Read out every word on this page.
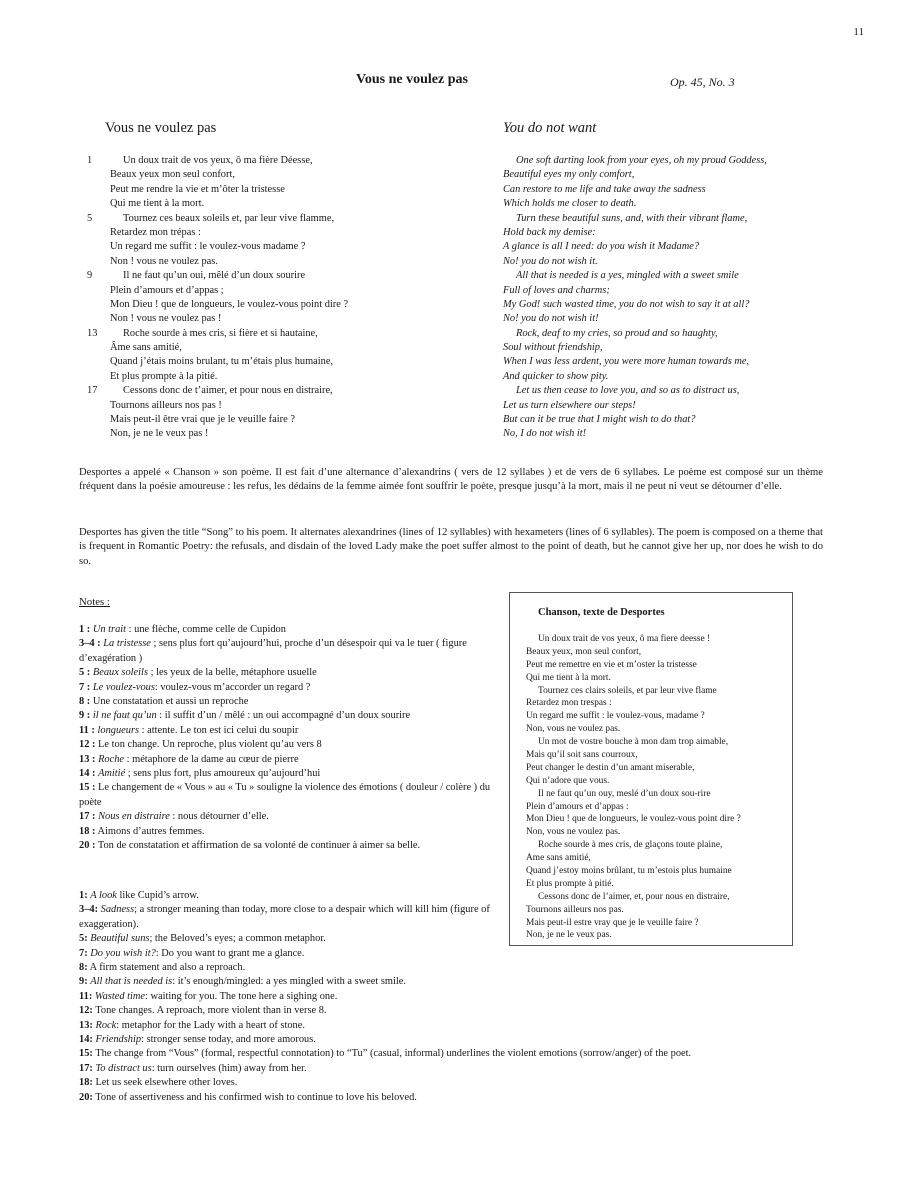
11
Vous ne voulez pas	Op. 45, No. 3
Vous ne voulez pas	You do not want
1
5
9
13
17
Un doux trait de vos yeux, ô ma fière Déesse,
Beaux yeux mon seul confort,
Peut me rendre la vie et m’ôter la tristesse
Qui me tient à la mort.
Tournez ces beaux soleils et, par leur vive flamme,
Retardez mon trépas :
Un regard me suffit : le voulez-vous madame ?
Non ! vous ne voulez pas.
Il ne faut qu’un oui, mêlé d’un doux sourire
Plein d’amours et d’appas ;
Mon Dieu ! que de longueurs, le voulez-vous point dire ?
Non ! vous ne voulez pas !
Roche sourde à mes cris, si fière et si hautaine,
Âme sans amitié,
Quand j’étais moins brulant, tu m’étais plus humaine,
Et plus prompte à la pitié.
Cessons donc de t’aimer, et pour nous en distraire,
Tournons ailleurs nos pas !
Mais peut-il être vrai que je le veuille faire ?
Non, je ne le veux pas !
One soft darting look from your eyes, oh my proud Goddess,
Beautiful eyes my only comfort,
Can restore to me life and take away the sadness
Which holds me closer to death.
Turn these beautiful suns, and, with their vibrant flame,
Hold back my demise:
A glance is all I need: do you wish it Madame?
No! you do not wish it.
All that is needed is a yes, mingled with a sweet smile
Full of loves and charms;
My God! such wasted time, you do not wish to say it at all?
No! you do not wish it!
Rock, deaf to my cries, so proud and so haughty,
Soul without friendship,
When I was less ardent, you were more human towards me,
And quicker to show pity.
Let us then cease to love you, and so as to distract us,
Let us turn elsewhere our steps!
But can it be true that I might wish to do that?
No, I do not wish it!
Desportes a appelé « Chanson » son poème. Il est fait d’une alternance d’alexandrins ( vers de 12 syllabes ) et de vers de 6 syllabes. Le poème est composé sur un thème fréquent dans la poésie amoureuse : les refus, les dédains de la femme aimée font souffrir le poète, presque jusqu’à la mort, mais il ne peut ni veut se détourner d’elle.
Desportes has given the title “Song” to his poem. It alternates alexandrines (lines of 12 syllables) with hexameters (lines of 6 syllables). The poem is composed on a theme that is frequent in Romantic Poetry: the refusals, and disdain of the loved Lady make the poet suffer almost to the point of death, but he cannot give her up, nor does he wish to do so.
Notes :
1 : Un trait : une flèche, comme celle de Cupidon
3–4 : La tristesse ; sens plus fort qu’aujourd’hui, proche d’un désespoir qui va le tuer ( figure d’exagération )
5 : Beaux soleils ; les yeux de la belle, métaphore usuelle
7 : Le voulez-vous: voulez-vous m’accorder un regard ?
8 : Une constatation et aussi un reproche
9 : il ne faut qu’un : il suffit d’un / mêlé : un oui accompagné d’un doux sourire
11 : longueurs : attente. Le ton est ici celui du soupir
12 : Le ton change. Un reproche, plus violent qu’au vers 8
13 : Roche : métaphore de la dame au cœur de pierre
14 : Amitié ; sens plus fort, plus amoureux qu’aujourd’hui
15 : Le changement de « Vous » au « Tu » souligne la violence des émotions ( douleur / colère ) du poète
17 : Nous en distraire : nous détourner d’elle.
18 : Aimons d’autres femmes.
20 : Ton de constatation et affirmation de sa volonté de continuer à aimer sa belle.
Chanson, texte de Desportes
Un doux trait de vos yeux, ô ma fiere deesse !
Beaux yeux, mon seul confort,
Peut me remettre en vie et m’oster la tristesse
Qui me tient à la mort.
Tournez ces clairs soleils, et par leur vive flame
Retardez mon trespas :
Un regard me suffit : le voulez-vous, madame ?
Non, vous ne voulez pas.
Un mot de vostre bouche à mon dam trop aimable,
Mais qu’il soit sans courroux,
Peut changer le destin d’un amant miserable,
Qui n’adore que vous.
Il ne faut qu’un ouy, meslé d’un doux sou-rire
Plein d’amours et d’appas :
Mon Dieu ! que de longueurs, le voulez-vous point dire ?
Non, vous ne voulez pas.
Roche sourde à mes cris, de glaçons toute plaine,
Ame sans amitié,
Quand j’estoy moins brûlant, tu m’estois plus humaine
Et plus prompte à pitié.
Cessons donc de l’aimer, et, pour nous en distraire,
Tournons ailleurs nos pas.
Mais peut-il estre vray que je le veuille faire ?
Non, je ne le veux pas.
1: A look like Cupid’s arrow.
3–4: Sadness; a stronger meaning than today, more close to a despair which will kill him (figure of exaggeration).
5: Beautiful suns; the Beloved’s eyes; a common metaphor.
7: Do you wish it?: Do you want to grant me a glance.
8: A firm statement and also a reproach.
9: All that is needed is: it’s enough/mingled: a yes mingled with a sweet smile.
11: Wasted time: waiting for you. The tone here a sighing one.
12: Tone changes. A reproach, more violent than in verse 8.
13: Rock: metaphor for the Lady with a heart of stone.
14: Friendship: stronger sense today, and more amorous.
15: The change from “Vous” (formal, respectful connotation) to “Tu” (casual, informal) underlines the violent emotions (sorrow/anger) of the poet.
17: To distract us: turn ourselves (him) away from her.
18: Let us seek elsewhere other loves.
20: Tone of assertiveness and his confirmed wish to continue to love his beloved.
